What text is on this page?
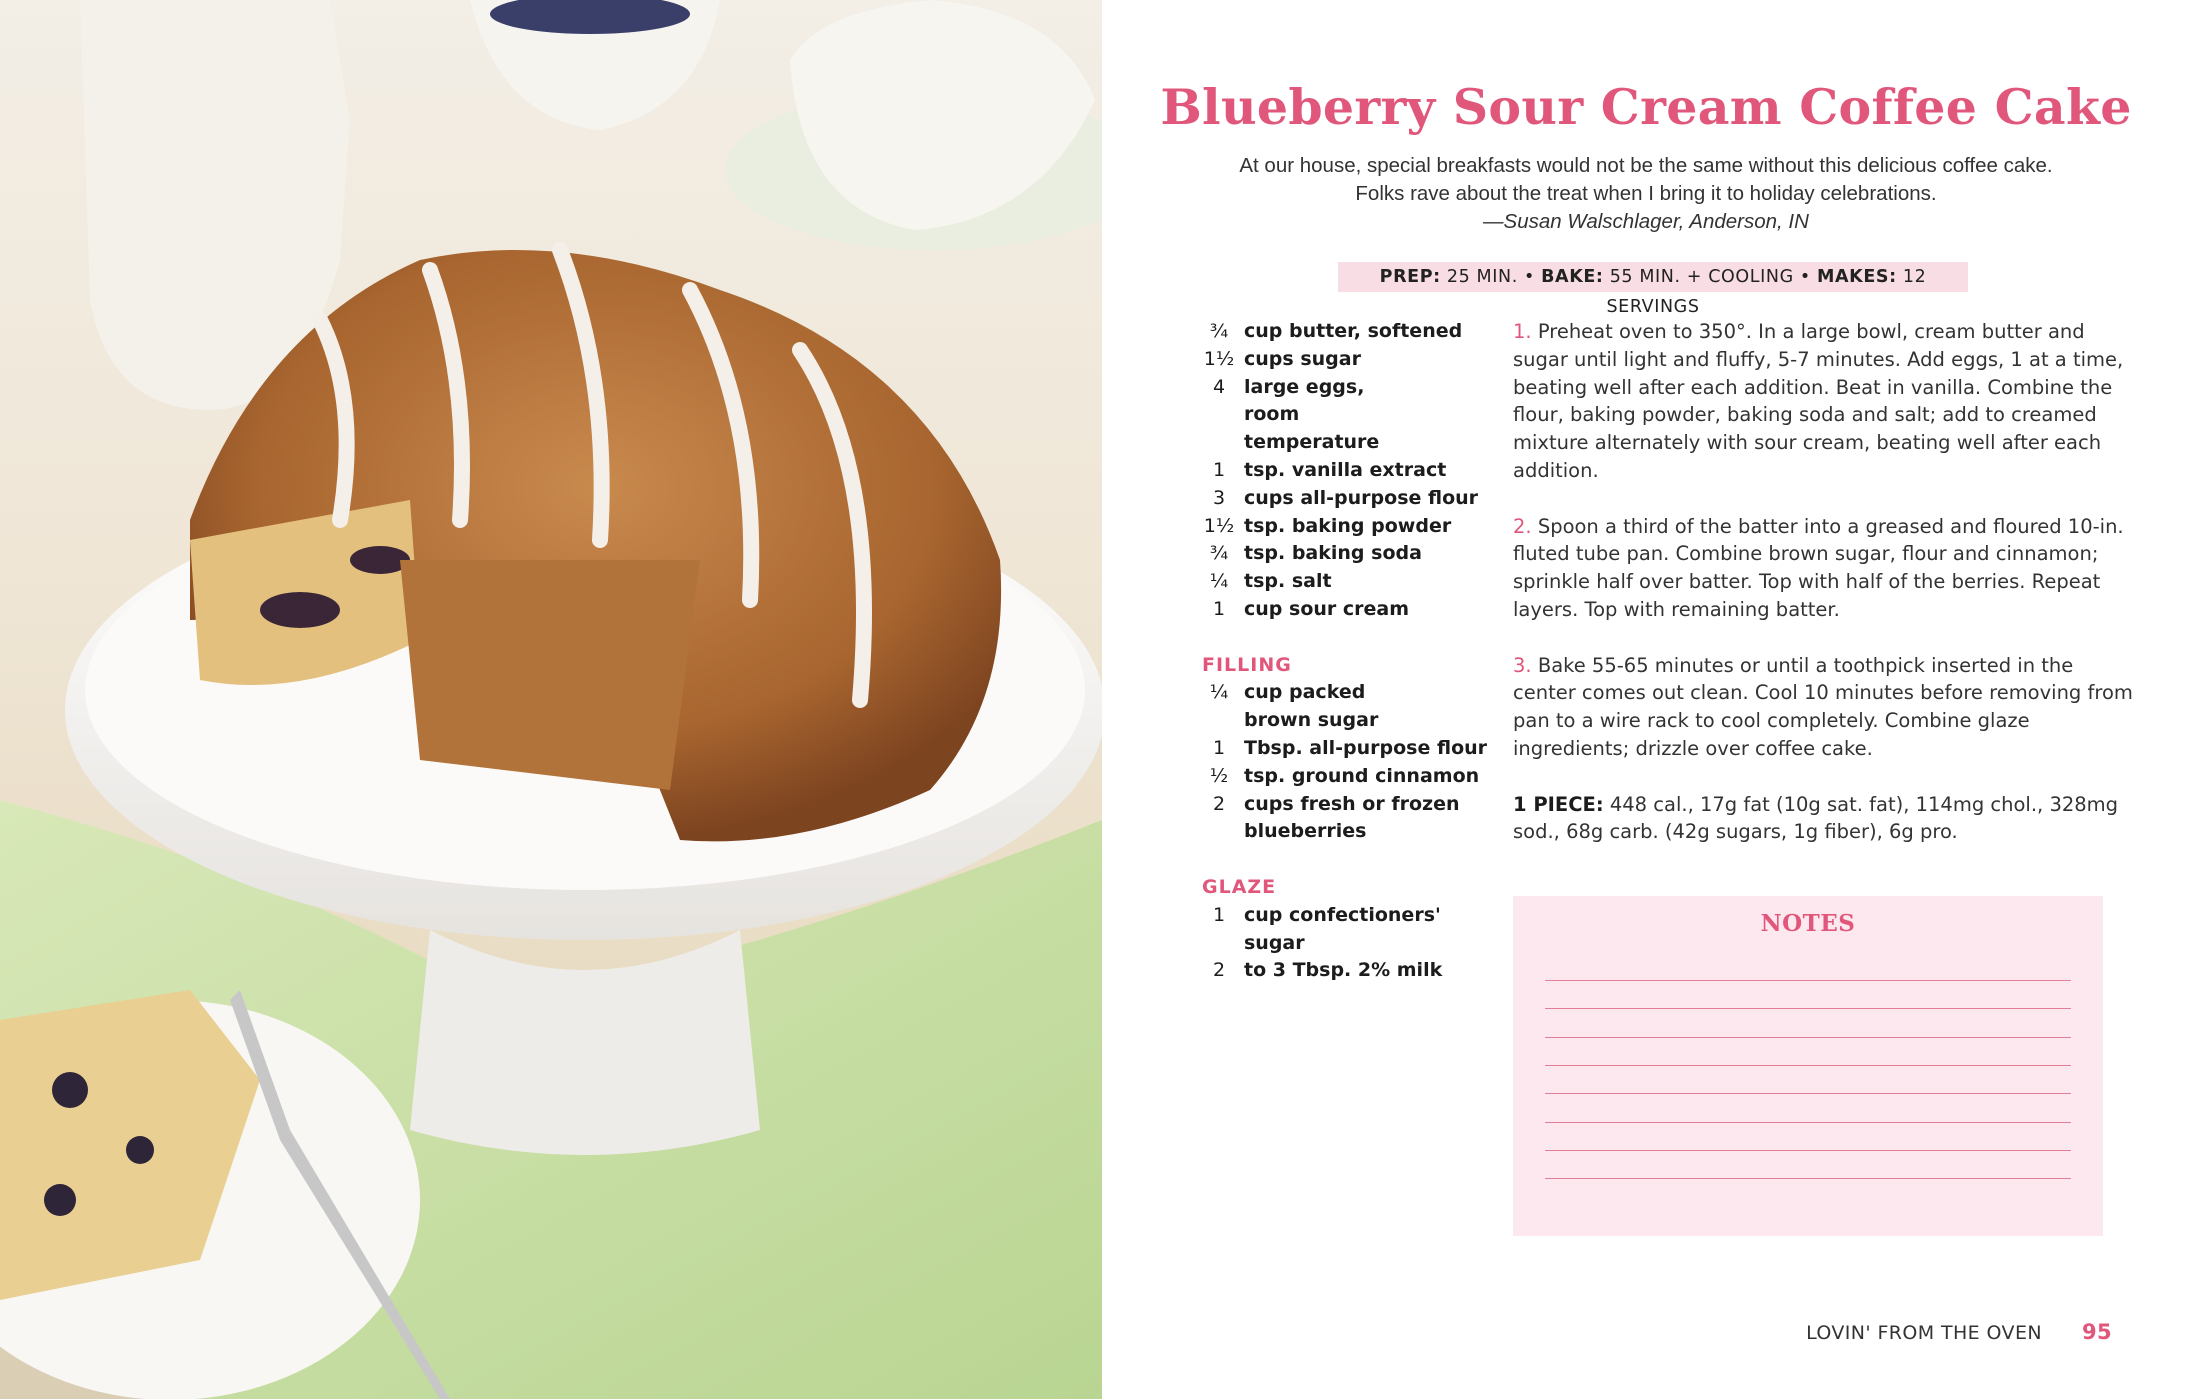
Blueberry Sour Cream Coffee Cake
At our house, special breakfasts would not be the same without this delicious coffee cake.
Folks rave about the treat when I bring it to holiday celebrations.
—Susan Walschlager, Anderson, IN
PREP: 25 MIN. • BAKE: 55 MIN. + COOLING • MAKES: 12 SERVINGS
¾ cup butter, softened
1½ cups sugar
4 large eggs, room temperature
1 tsp. vanilla extract
3 cups all-purpose flour
1½ tsp. baking powder
¾ tsp. baking soda
¼ tsp. salt
1 cup sour cream
FILLING
¼ cup packed brown sugar
1 Tbsp. all-purpose flour
½ tsp. ground cinnamon
2 cups fresh or frozen blueberries
GLAZE
1 cup confectioners' sugar
2 to 3 Tbsp. 2% milk

1. Preheat oven to 350°. In a large bowl, cream butter and sugar until light and fluffy, 5-7 minutes. Add eggs, 1 at a time, beating well after each addition. Beat in vanilla. Combine the flour, baking powder, baking soda and salt; add to creamed mixture alternately with sour cream, beating well after each addition.

2. Spoon a third of the batter into a greased and floured 10-in. fluted tube pan. Combine brown sugar, flour and cinnamon; sprinkle half over batter. Top with half of the berries. Repeat layers. Top with remaining batter.

3. Bake 55-65 minutes or until a toothpick inserted in the center comes out clean. Cool 10 minutes before removing from pan to a wire rack to cool completely. Combine glaze ingredients; drizzle over coffee cake.

1 PIECE: 448 cal., 17g fat (10g sat. fat), 114mg chol., 328mg sod., 68g carb. (42g sugars, 1g fiber), 6g pro.

NOTES
LOVIN' FROM THE OVEN 95
